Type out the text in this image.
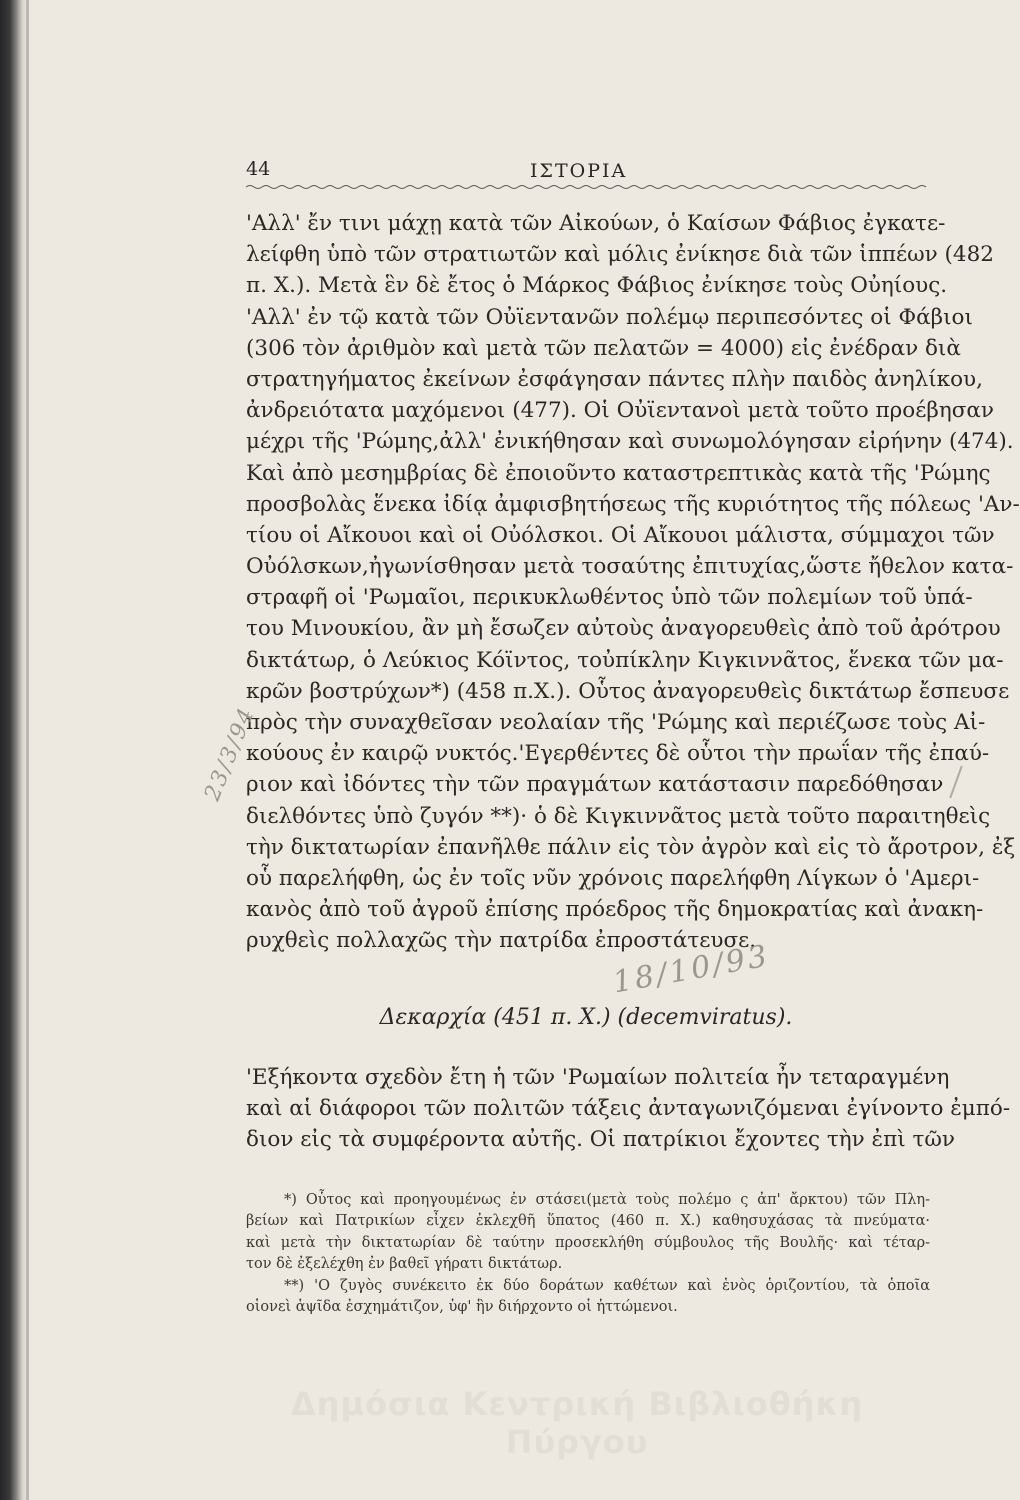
44	ΙΣΤΟΡΙΑ
'Αλλ' ἔν τινι μάχῃ κατὰ τῶν Αἰκούων, ὁ Καίσων Φάβιος ἐγκατε-
λείφθη ὑπὸ τῶν στρατιωτῶν καὶ μόλις ἐνίκησε διὰ τῶν ἱππέων (482
π. Χ.). Μετὰ ἓν δὲ ἔτος ὁ Μάρκος Φάβιος ἐνίκησε τοὺς Οὐηίους.
'Αλλ' ἐν τῷ κατὰ τῶν Οὐϊεντανῶν πολέμῳ περιπεσόντες οἱ Φάβιοι
(306 τὸν ἀριθμὸν καὶ μετὰ τῶν πελατῶν = 4000) εἰς ἐνέδραν διὰ
στρατηγήματος ἐκείνων ἐσφάγησαν πάντες πλὴν παιδὸς ἀνηλίκου,
ἀνδρειότατα μαχόμενοι (477). Οἱ Οὐϊεντανοὶ μετὰ τοῦτο προέβησαν
μέχρι τῆς 'Ρώμης,ἀλλ' ἐνικήθησαν καὶ συνωμολόγησαν εἰρήνην (474).
Καὶ ἀπὸ μεσημβρίας δὲ ἐποιοῦντο καταστρεπτικὰς κατὰ τῆς 'Ρώμης
προσβολὰς ἕνεκα ἰδίᾳ ἀμφισβητήσεως τῆς κυριότητος τῆς πόλεως 'Αν-
τίου οἱ Αἴκουοι καὶ οἱ Οὐόλσκοι. Οἱ Αἴκουοι μάλιστα, σύμμαχοι τῶν
Οὐόλσκων,ἠγωνίσθησαν μετὰ τοσαύτης ἐπιτυχίας,ὥστε ἤθελον κατα-
στραφῆ οἱ 'Ρωμαῖοι, περικυκλωθέντος ὑπὸ τῶν πολεμίων τοῦ ὑπά-
του Μινουκίου, ἂν μὴ ἔσωζεν αὐτοὺς ἀναγορευθεὶς ἀπὸ τοῦ ἀρότρου
δικτάτωρ, ὁ Λεύκιος Κόϊντος, τοὐπίκλην Κιγκιννᾶτος, ἕνεκα τῶν μα-
κρῶν βοστρύχων*) (458 π.Χ.). Οὗτος ἀναγορευθεὶς δικτάτωρ ἔσπευσε
πρὸς τὴν συναχθεῖσαν νεολαίαν τῆς 'Ρώμης καὶ περιέζωσε τοὺς Αἰ-
κούους ἐν καιρῷ νυκτός.'Εγερθέντες δὲ οὗτοι τὴν πρωΐαν τῆς ἐπαύ-
ριον καὶ ἰδόντες τὴν τῶν πραγμάτων κατάστασιν παρεδόθησαν
διελθόντες ὑπὸ ζυγόν **)· ὁ δὲ Κιγκιννᾶτος μετὰ τοῦτο παραιτηθεὶς
τὴν δικτατωρίαν ἐπανῆλθε πάλιν εἰς τὸν ἀγρὸν καὶ εἰς τὸ ἄροτρον, ἐξ
οὗ παρελήφθη, ὡς ἐν τοῖς νῦν χρόνοις παρελήφθη Λίγκων ὁ 'Αμερι-
κανὸς ἀπὸ τοῦ ἀγροῦ ἐπίσης πρόεδρος τῆς δημοκρατίας καὶ ἀνακη-
ρυχθεὶς πολλαχῶς τὴν πατρίδα ἐπροστάτευσε.
18/10/93
23/3/94
Δεκαρχία (451 π. Χ.) (decemviratus).
'Εξήκοντα σχεδὸν ἔτη ἡ τῶν 'Ρωμαίων πολιτεία ἦν τεταραγμένη
καὶ αἱ διάφοροι τῶν πολιτῶν τάξεις ἀνταγωνιζόμεναι ἐγίνοντο ἐμπό-
διον εἰς τὰ συμφέροντα αὐτῆς. Οἱ πατρίκιοι ἔχοντες τὴν ἐπὶ τῶν
*) Οὗτος καὶ προηγουμένως ἐν στάσει(μετὰ τοὺς πολέμο ς ἀπ' ἄρκτου) τῶν Πλη-
βείων καὶ Πατρικίων εἶχεν ἐκλεχθῆ ὕπατος (460 π. Χ.) καθησυχάσας τὰ πνεύματα·
καὶ μετὰ τὴν δικτατωρίαν δὲ ταύτην προσεκλήθη σύμβουλος τῆς Βουλῆς· καὶ τέταρ-
τον δὲ ἐξελέχθη ἐν βαθεῖ γήρατι δικτάτωρ.
**) 'Ο ζυγὸς συνέκειτο ἐκ δύο δοράτων καθέτων καὶ ἑνὸς ὁριζοντίου, τὰ ὁποῖα
οἱονεὶ ἁψῖδα ἐσχημάτιζον, ὑφ' ἣν διήρχοντο οἱ ἡττώμενοι.
Δημόσια Κεντρική Βιβλιοθήκη Πύργου
